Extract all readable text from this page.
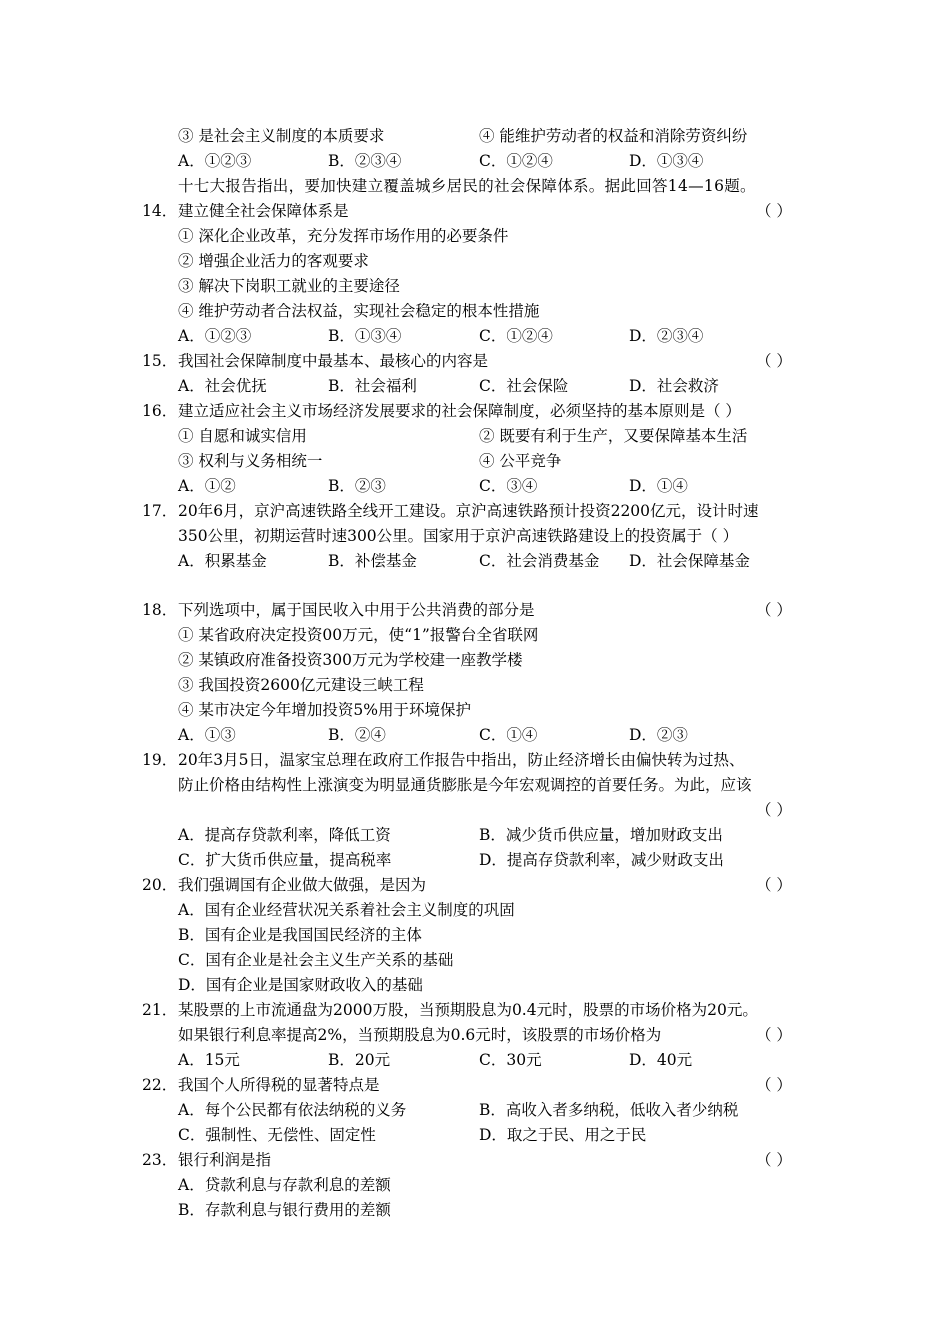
③ 是社会主义制度的本质要求	④ 能维护劳动者的权益和消除劳资纠纷
A．①②③	B．②③④	C．①②④	D．①③④
十七大报告指出，要加快建立覆盖城乡居民的社会保障体系。据此回答14—16题。
14． 建立健全社会保障体系是	（ ）
① 深化企业改革，充分发挥市场作用的必要条件
② 增强企业活力的客观要求
③ 解决下岗职工就业的主要途径
④ 维护劳动者合法权益，实现社会稳定的根本性措施
A．①②③	B．①③④	C．①②④	D．②③④
15． 我国社会保障制度中最基本、最核心的内容是	（ ）
A．社会优抚	B．社会福利	C．社会保险	D．社会救济
16． 建立适应社会主义市场经济发展要求的社会保障制度，必须坚持的基本原则是（ ）
① 自愿和诚实信用	② 既要有利于生产，又要保障基本生活
③ 权利与义务相统一	④ 公平竞争
A．①②	B．②③	C．③④	D．①④
17． 20年6月，京沪高速铁路全线开工建设。京沪高速铁路预计投资2200亿元，设计时速
350公里，初期运营时速300公里。国家用于京沪高速铁路建设上的投资属于（ ）
A．积累基金	B．补偿基金	C．社会消费基金 D．社会保障基金
18． 下列选项中，属于国民收入中用于公共消费的部分是	（ ）
① 某省政府决定投资00万元，使“1”报警台全省联网
② 某镇政府准备投资300万元为学校建一座教学楼
③ 我国投资2600亿元建设三峡工程
④ 某市决定今年增加投资5%用于环境保护
A．①③	B．②④	C．①④	D．②③
19． 20年3月5日，温家宝总理在政府工作报告中指出，防止经济增长由偏快转为过热、
防止价格由结构性上涨演变为明显通货膨胀是今年宏观调控的首要任务。为此，应该
（ ）
A．提高存贷款利率，降低工资	B．减少货币供应量，增加财政支出
C．扩大货币供应量，提高税率	D．提高存贷款利率，减少财政支出
20． 我们强调国有企业做大做强，是因为	（ ）
A．国有企业经营状况关系着社会主义制度的巩固
B．国有企业是我国国民经济的主体
C．国有企业是社会主义生产关系的基础
D．国有企业是国家财政收入的基础
21． 某股票的上市流通盘为2000万股，当预期股息为0.4元时，股票的市场价格为20元。
如果银行利息率提高2%，当预期股息为0.6元时，该股票的市场价格为	（ ）
A．15元	B．20元	C．30元	D．40元
22． 我国个人所得税的显著特点是	（ ）
A．每个公民都有依法纳税的义务	B．高收入者多纳税，低收入者少纳税
C．强制性、无偿性、固定性	D．取之于民、用之于民
23． 银行利润是指	（ ）
A．贷款利息与存款利息的差额
B．存款利息与银行费用的差额
